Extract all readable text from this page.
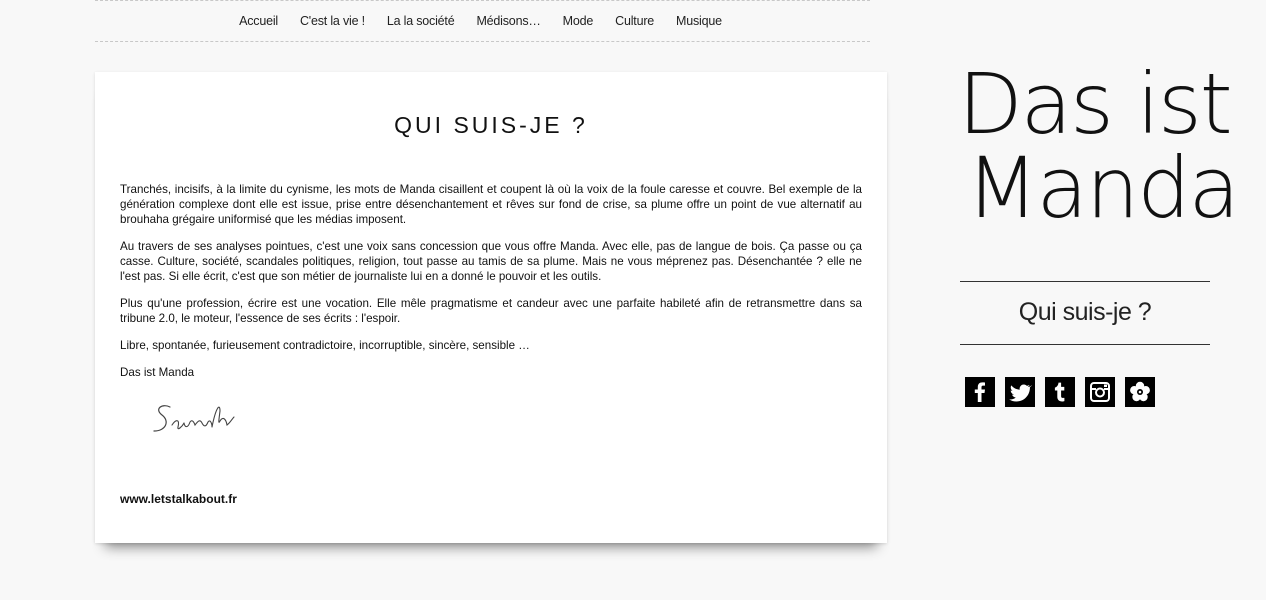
Accueil	C'est la vie !	La la société	Médisons…	Mode	Culture	Musique
QUI SUIS-JE ?

Tranchés, incisifs, à la limite du cynisme, les mots de Manda cisaillent et coupent là où la voix de la foule caresse et couvre. Bel exemple de la génération complexe dont elle est issue, prise entre désenchantement et rêves sur fond de crise, sa plume offre un point de vue alternatif au brouhaha grégaire uniformisé que les médias imposent.

Au travers de ses analyses pointues, c'est une voix sans concession que vous offre Manda. Avec elle, pas de langue de bois. Ça passe ou ça casse. Culture, société, scandales politiques, religion, tout passe au tamis de sa plume. Mais ne vous méprenez pas. Désenchantée ? elle ne l'est pas. Si elle écrit, c'est que son métier de journaliste lui en a donné le pouvoir et les outils.

Plus qu'une profession, écrire est une vocation. Elle mêle pragmatisme et candeur avec une parfaite habileté afin de retransmettre dans sa tribune 2.0, le moteur, l'essence de ses écrits : l'espoir.

Libre, spontanée, furieusement contradictoire, incorruptible, sincère, sensible …

Das ist Manda

www.letstalkabout.fr
Das ist
Manda
Qui suis-je ?
